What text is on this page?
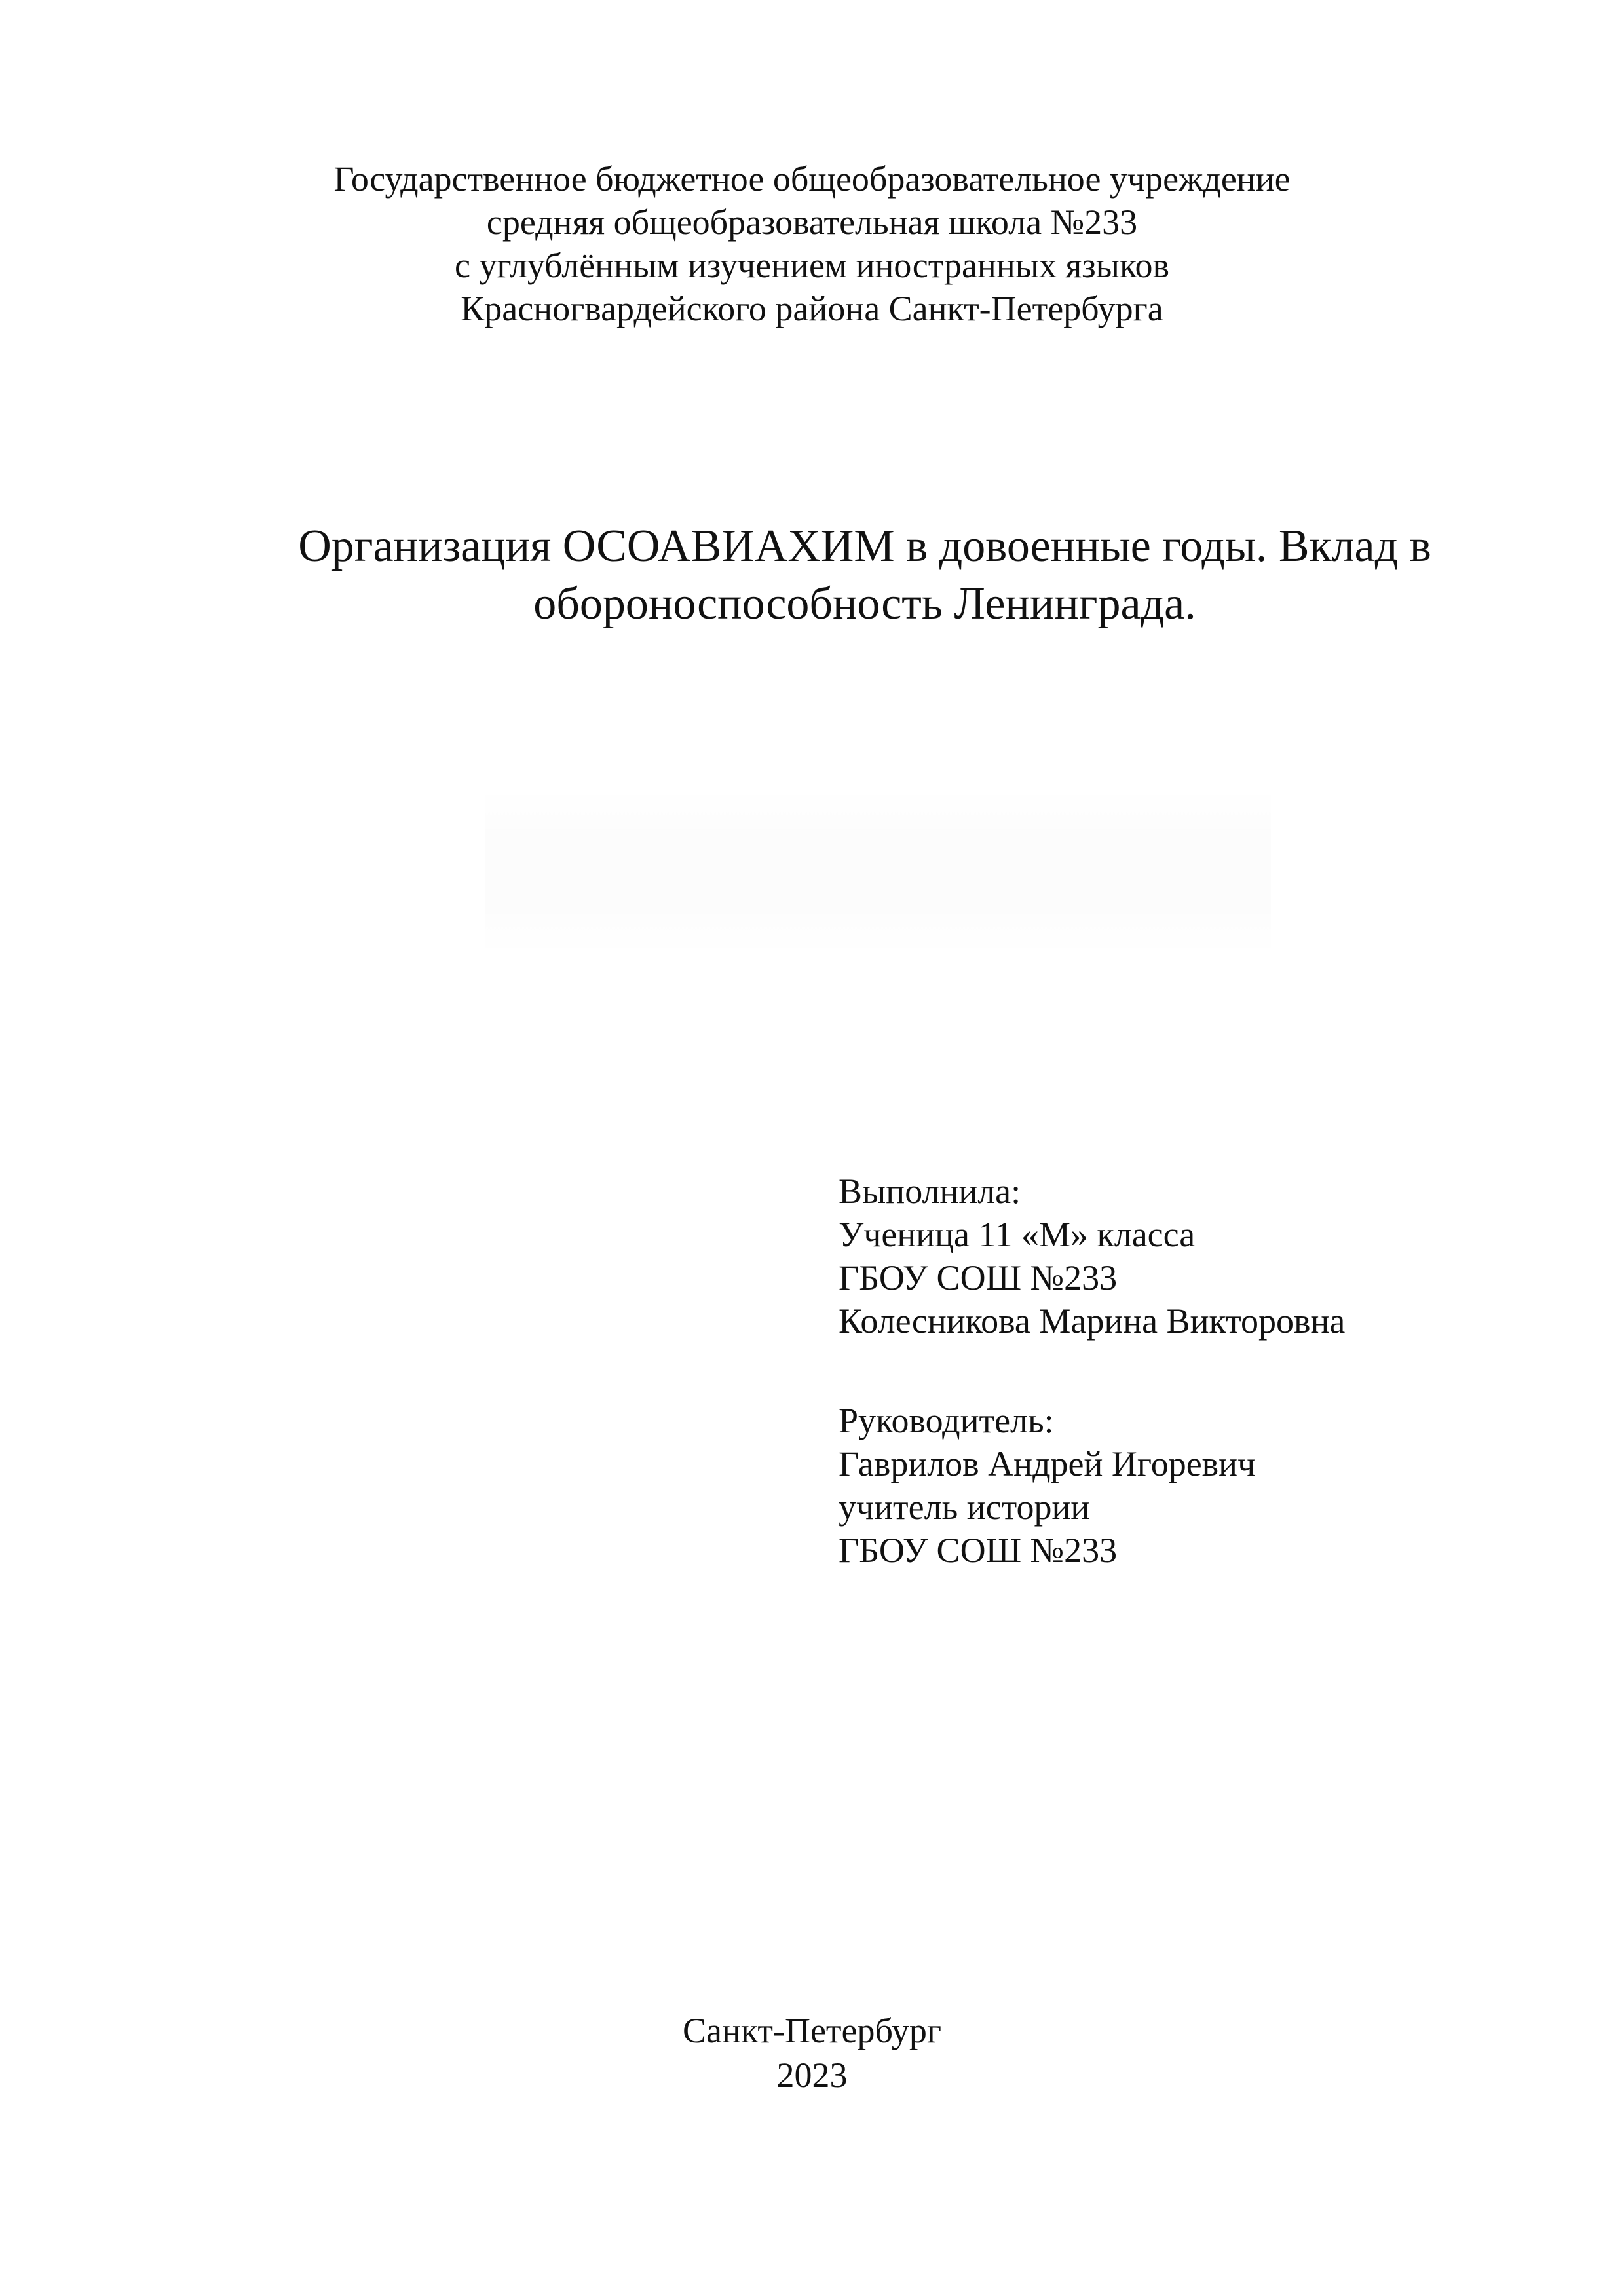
Государственное бюджетное общеобразовательное учреждение
средняя общеобразовательная школа №233
с углублённым изучением иностранных языков
Красногвардейского района Санкт-Петербурга
Организация ОСОАВИАХИМ в довоенные годы. Вклад в
обороноспособность Ленинграда.
Выполнила:
Ученица 11 «М» класса
ГБОУ СОШ №233
Колесникова Марина Викторовна
Руководитель:
Гаврилов Андрей Игоревич
учитель истории
ГБОУ СОШ №233
Санкт-Петербург
2023
